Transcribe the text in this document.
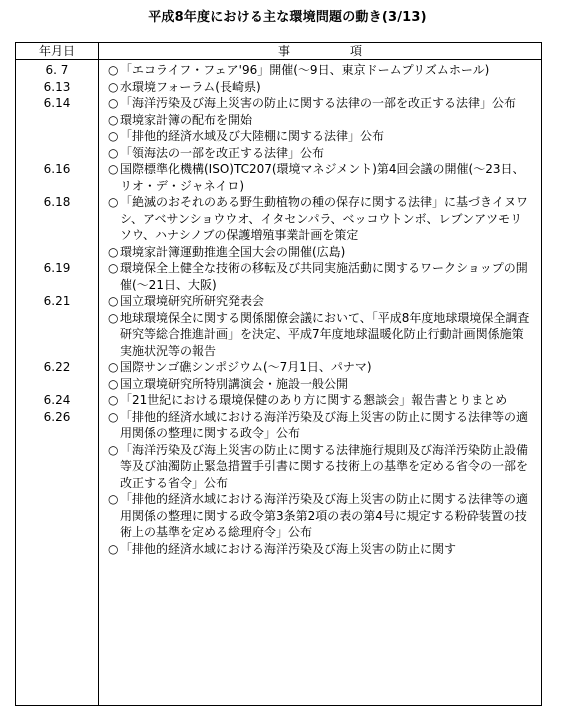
平成8年度における主な環境問題の動き(3/13)
年月日	事項
6. 7	○ 「エコライフ・フェア'96」開催(～9日、東京ドームプリズムホール)
6.13	○ 水環境フォーラム(長崎県)
6.14	○ 「海洋汚染及び海上災害の防止に関する法律の一部を改正する法律」公布
○ 環境家計簿の配布を開始
○ 「排他的経済水域及び大陸棚に関する法律」公布
○ 「領海法の一部を改正する法律」公布
6.16	○ 国際標準化機構(ISO)TC207(環境マネジメント)第4回会議の開催(～23日、リオ・デ・ジャネイロ)
6.18	○ 「絶滅のおそれのある野生動植物の種の保存に関する法律」に基づきイヌワシ、アベサンショウウオ、イタセンパラ、ベッコウトンボ、レブンアツモリソウ、ハナシノブの保護増殖事業計画を策定
○ 環境家計簿運動推進全国大会の開催(広島)
6.19	○ 環境保全上健全な技術の移転及び共同実施活動に関するワークショップの開催(～21日、大阪)
6.21	○ 国立環境研究所研究発表会
○ 地球環境保全に関する関係閣僚会議において、「平成8年度地球環境保全調査研究等総合推進計画」を決定、平成7年度地球温暖化防止行動計画関係施策実施状況等の報告
6.22	○ 国際サンゴ礁シンポジウム(～7月1日、パナマ)
○ 国立環境研究所特別講演会・施設一般公開
6.24	○ 「21世紀における環境保健のあり方に関する懇談会」報告書とりまとめ
6.26	○ 「排他的経済水域における海洋汚染及び海上災害の防止に関する法律等の適用関係の整理に関する政令」公布
○ 「海洋汚染及び海上災害の防止に関する法律施行規則及び海洋汚染防止設備等及び油濁防止緊急措置手引書に関する技術上の基準を定める省令の一部を改正する省令」公布
○ 「排他的経済水域における海洋汚染及び海上災害の防止に関する法律等の適用関係の整理に関する政令第3条第2項の表の第4号に規定する粉砕装置の技術上の基準を定める総理府令」公布
○ 「排他的経済水域における海洋汚染及び海上災害の防止に関す
